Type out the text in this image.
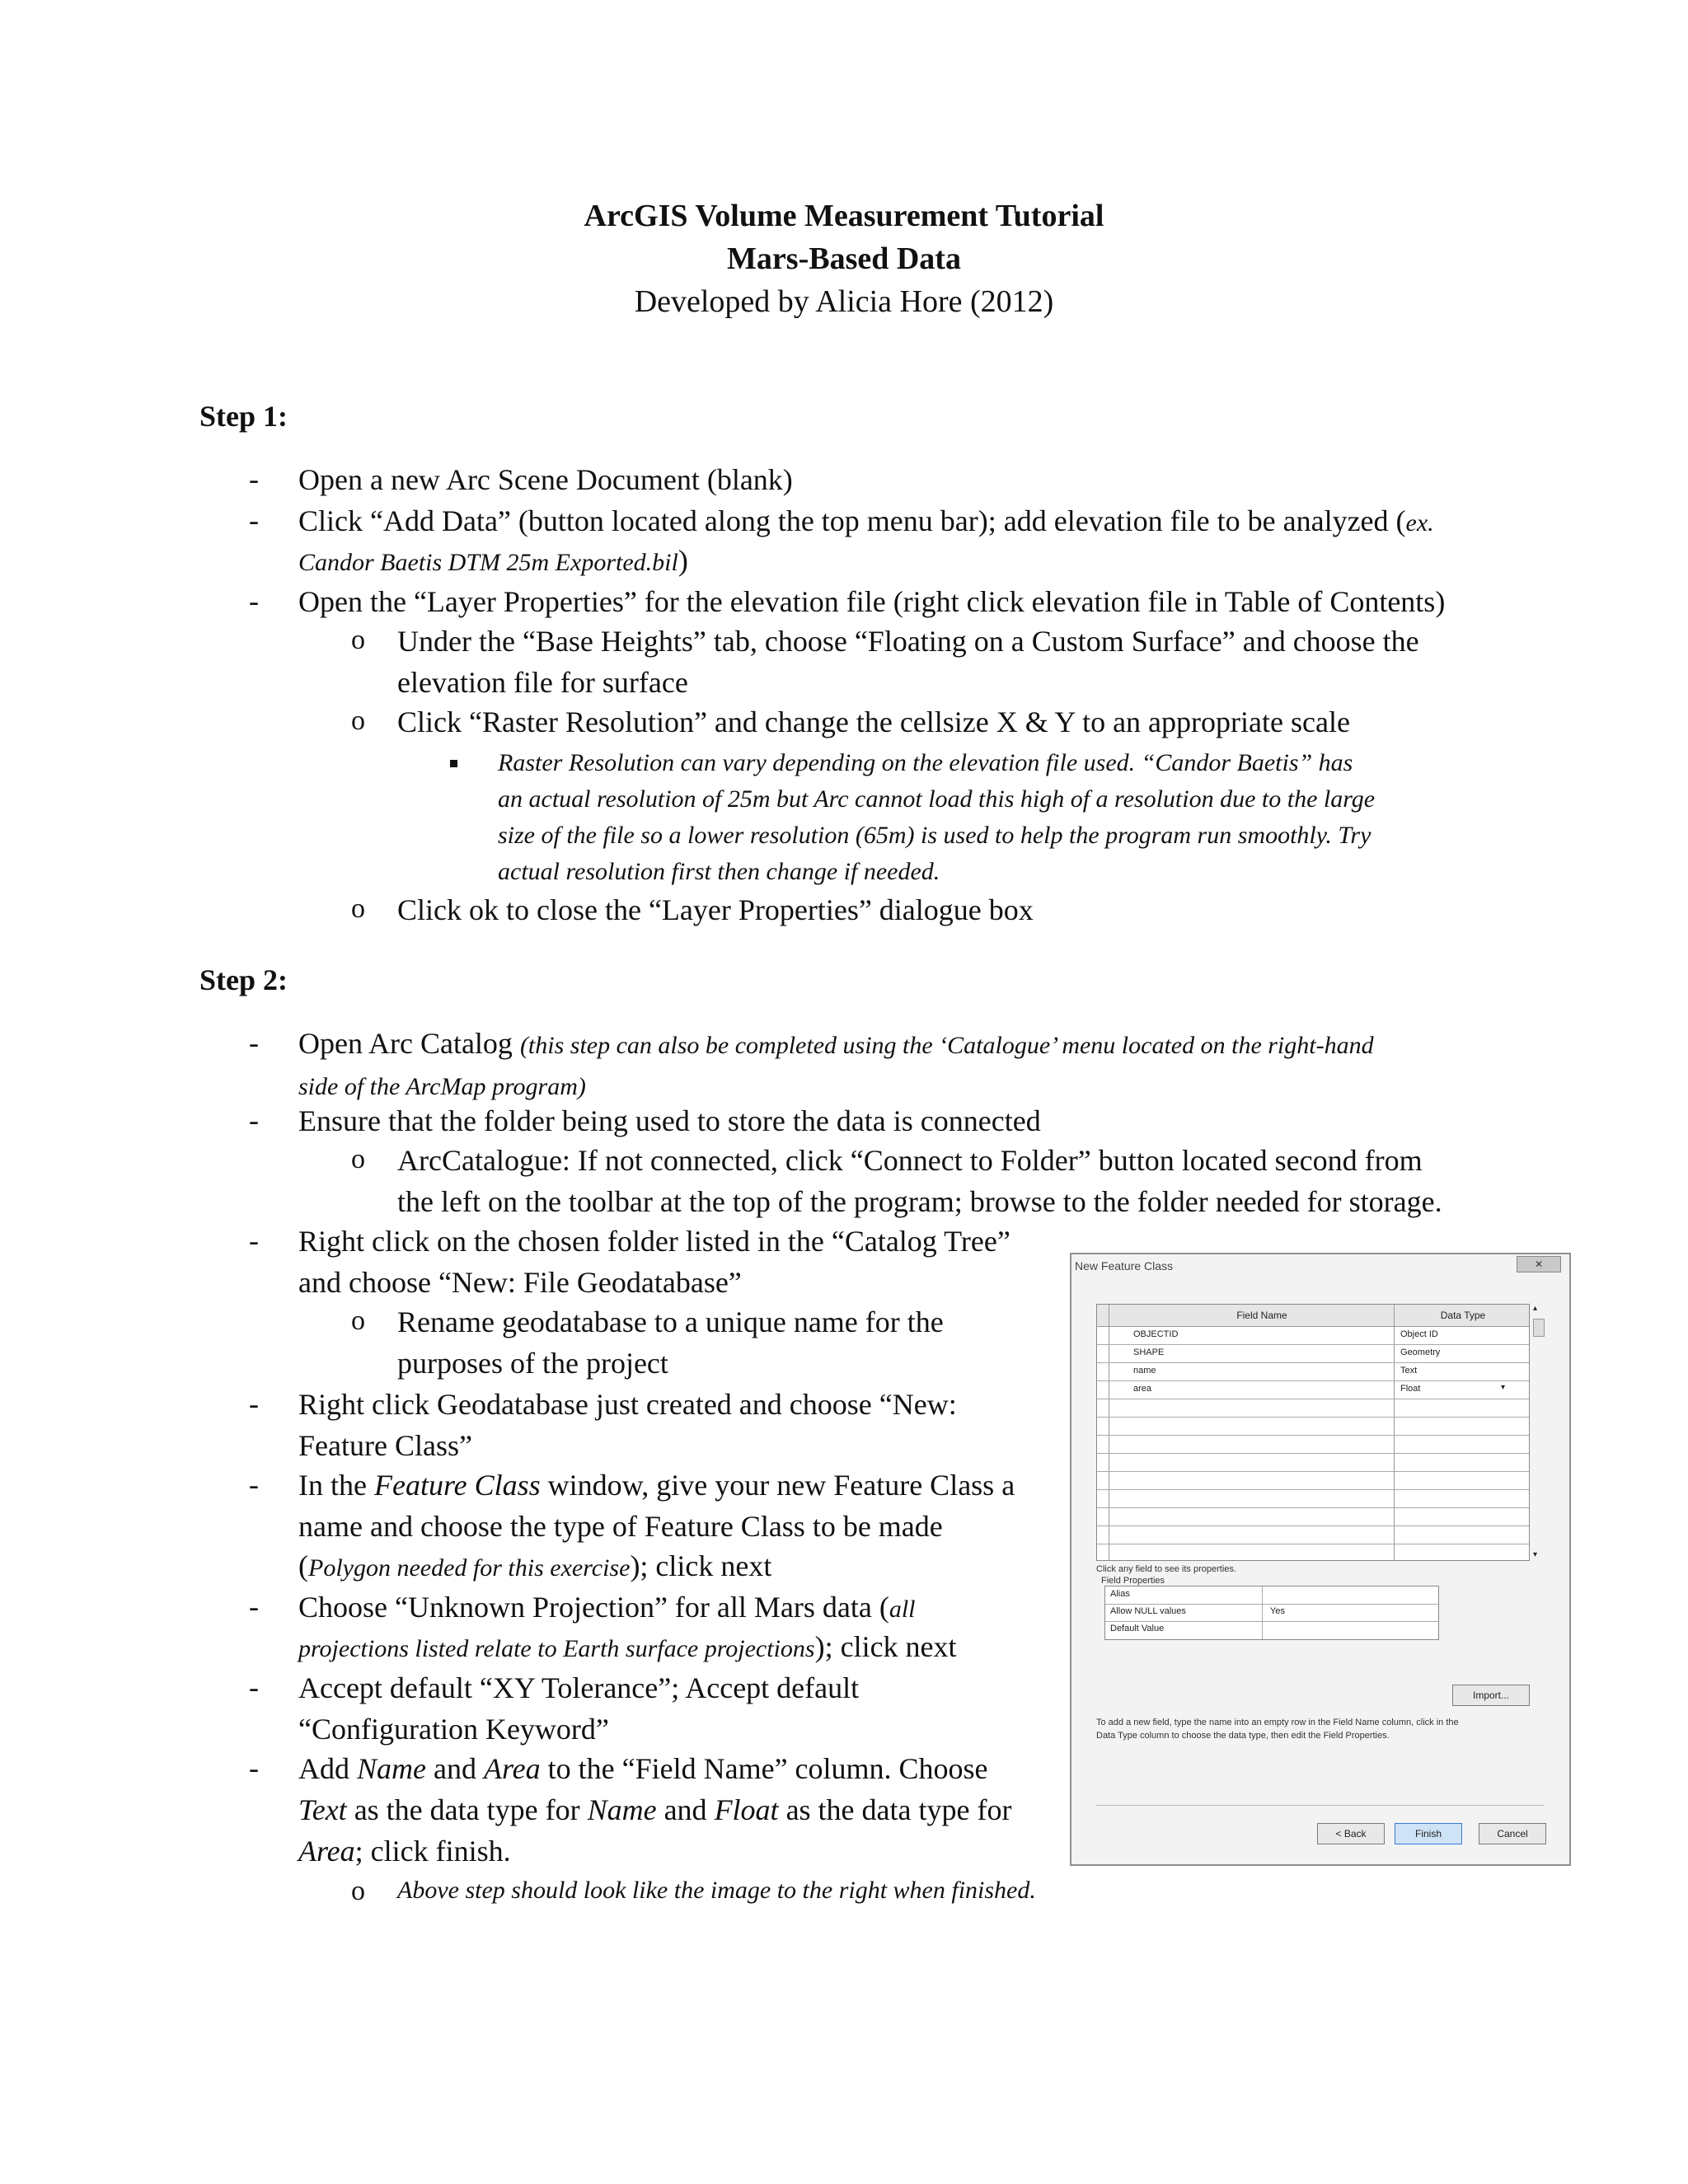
ArcGIS Volume Measurement Tutorial
Mars-Based Data
Developed by Alicia Hore (2012)
Step 1:
- Open a new Arc Scene Document (blank)
- Click “Add Data” (button located along the top menu bar); add elevation file to be analyzed (ex.
Candor Baetis DTM 25m Exported.bil)
- Open the “Layer Properties” for the elevation file (right click elevation file in Table of Contents)
o Under the “Base Heights” tab, choose “Floating on a Custom Surface” and choose the
elevation file for surface
o Click “Raster Resolution” and change the cellsize X & Y to an appropriate scale
Raster Resolution can vary depending on the elevation file used. “Candor Baetis” has
an actual resolution of 25m but Arc cannot load this high of a resolution due to the large
size of the file so a lower resolution (65m) is used to help the program run smoothly. Try
actual resolution first then change if needed.
o Click ok to close the “Layer Properties” dialogue box
Step 2:
- Open Arc Catalog (this step can also be completed using the ‘Catalogue’ menu located on the right-hand
side of the ArcMap program)
- Ensure that the folder being used to store the data is connected
o ArcCatalogue: If not connected, click “Connect to Folder” button located second from
the left on the toolbar at the top of the program; browse to the folder needed for storage.
- Right click on the chosen folder listed in the “Catalog Tree”
and choose “New: File Geodatabase”
o Rename geodatabase to a unique name for the
purposes of the project
- Right click Geodatabase just created and choose “New:
Feature Class”
- In the Feature Class window, give your new Feature Class a
name and choose the type of Feature Class to be made
(Polygon needed for this exercise); click next
- Choose “Unknown Projection” for all Mars data (all
projections listed relate to Earth surface projections); click next
- Accept default “XY Tolerance”; Accept default
“Configuration Keyword”
- Add Name and Area to the “Field Name” column. Choose
Text as the data type for Name and Float as the data type for
Area; click finish.
o Above step should look like the image to the right when finished.
New Feature Class	✕
Field Name	Data Type
OBJECTID	Object ID
SHAPE	Geometry
name	Text
area	Float	▾
▴
▾
Click any field to see its properties.
Field Properties
Alias
Allow NULL values	Yes
Default Value
Import...
To add a new field, type the name into an empty row in the Field Name column, click in the
Data Type column to choose the data type, then edit the Field Properties.
< Back	Finish	Cancel
